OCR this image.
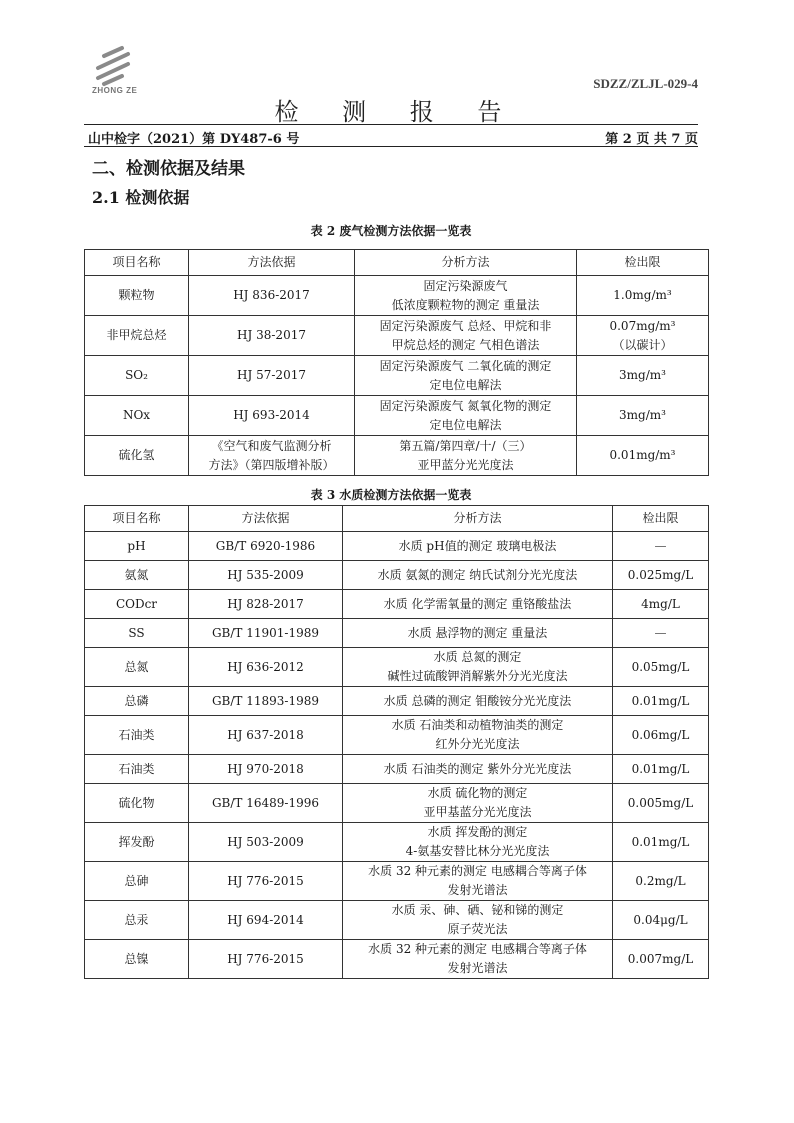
ZHONG ZE	SDZZ/ZLJL-029-4
检 测 报 告
山中检字（2021）第 DY487-6 号	第 2 页 共 7 页
二、检测依据及结果
2.1 检测依据
表 2 废气检测方法依据一览表
项目名称	方法依据	分析方法	检出限

颗粒物	HJ 836-2017	固定污染源废气
低浓度颗粒物的测定 重量法	1.0mg/m³

非甲烷总烃	HJ 38-2017	固定污染源废气 总烃、甲烷和非
甲烷总烃的测定 气相色谱法	0.07mg/m³
（以碳计）

SO₂	HJ 57-2017	固定污染源废气 二氧化硫的测定
定电位电解法	3mg/m³

NOx	HJ 693-2014	固定污染源废气 氮氧化物的测定
定电位电解法	3mg/m³

硫化氢	《空气和废气监测分析
方法》（第四版增补版）	第五篇/第四章/十/（三）
亚甲蓝分光光度法	0.01mg/m³
表 3 水质检测方法依据一览表
项目名称	方法依据	分析方法	检出限

pH	GB/T 6920-1986	水质 pH值的测定 玻璃电极法	—

氨氮	HJ 535-2009	水质 氨氮的测定 纳氏试剂分光光度法	0.025mg/L

CODcr	HJ 828-2017	水质 化学需氧量的测定 重铬酸盐法	4mg/L

SS	GB/T 11901-1989	水质 悬浮物的测定 重量法	—

总氮	HJ 636-2012	水质 总氮的测定
碱性过硫酸钾消解紫外分光光度法	0.05mg/L

总磷	GB/T 11893-1989	水质 总磷的测定 钼酸铵分光光度法	0.01mg/L

石油类	HJ 637-2018	水质 石油类和动植物油类的测定
红外分光光度法	0.06mg/L

石油类	HJ 970-2018	水质 石油类的测定 紫外分光光度法	0.01mg/L

硫化物	GB/T 16489-1996	水质 硫化物的测定
亚甲基蓝分光光度法	0.005mg/L

挥发酚	HJ 503-2009	水质 挥发酚的测定
4-氨基安替比林分光光度法	0.01mg/L

总砷	HJ 776-2015	水质 32 种元素的测定 电感耦合等离子体
发射光谱法	0.2mg/L

总汞	HJ 694-2014	水质 汞、砷、硒、铋和锑的测定
原子荧光法	0.04μg/L

总镍	HJ 776-2015	水质 32 种元素的测定 电感耦合等离子体
发射光谱法	0.007mg/L
